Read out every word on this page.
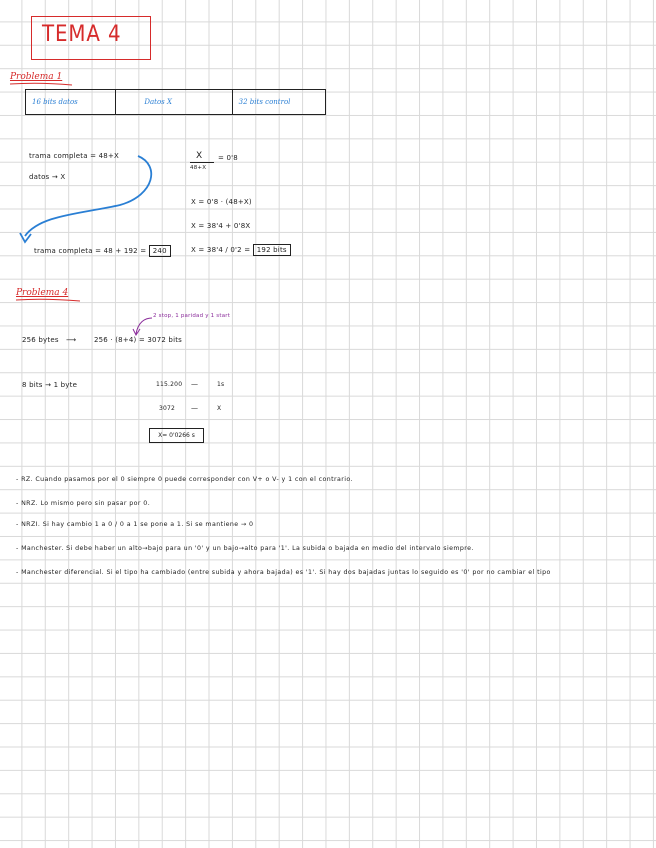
TEMA 4
Problema 1
16 bits datos	Datos X	32 bits control
trama completa = 48+X
datos → X
trama completa = 48 + 192 = 240
X
48+X
= 0'8
X = 0'8 · (48+X)
X = 38'4 + 0'8X
X = 38'4 / 0'2 = 192 bits
Problema 4
2 stop, 1 paridad y 1 start
256 bytes ⟶	256 · (8+4) = 3072 bits
8 bits → 1 byte	115.200 —	1s
3072 —	X
X= 0'0266 s
- RZ. Cuando pasamos por el 0 siempre 0 puede corresponder con V+ o V- y 1 con el contrario.
- NRZ. Lo mismo pero sin pasar por 0.
- NRZI. Si hay cambio 1 a 0 / 0 a 1 se pone a 1. Si se mantiene → 0
- Manchester. Si debe haber un alto→bajo para un '0' y un bajo→alto para '1'. La subida o bajada en medio del intervalo siempre.
- Manchester diferencial. Si el tipo ha cambiado (entre subida y ahora bajada) es '1'. Si hay dos bajadas juntas lo seguido es '0' por no cambiar el tipo
